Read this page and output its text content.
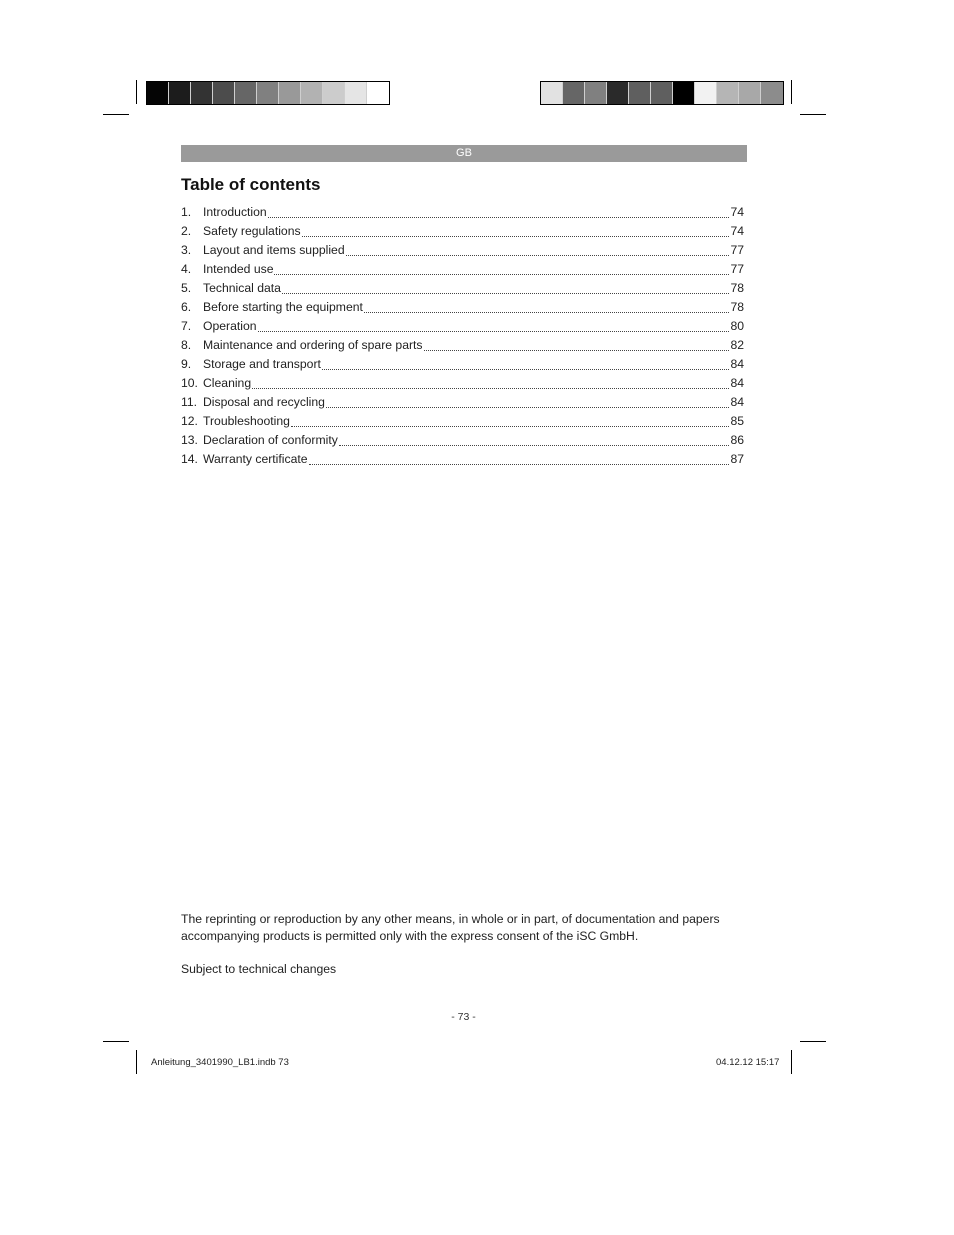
GB
Table of contents
1. Introduction	74
2. Safety regulations	74
3. Layout and items supplied	77
4. Intended use	77
5. Technical data	78
6. Before starting the equipment	78
7. Operation	80
8. Maintenance and ordering of spare parts	82
9. Storage and transport	84
10. Cleaning	84
11. Disposal and recycling	84
12. Troubleshooting	85
13. Declaration of conformity	86
14. Warranty certificate	87

The reprinting or reproduction by any other means, in whole or in part, of documentation and papers accompanying products is permitted only with the express consent of the iSC GmbH.

Subject to technical changes

- 73 -
Anleitung_3401990_LB1.indb 73	04.12.12 15:17
